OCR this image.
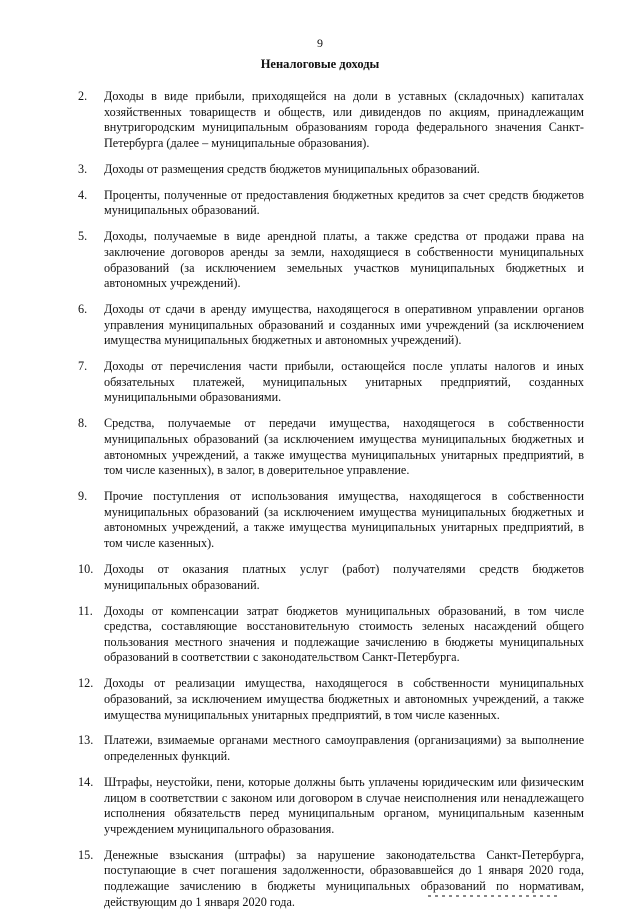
9
Неналоговые доходы
2.	Доходы в виде прибыли, приходящейся на доли в уставных (складочных) капиталах хозяйственных товариществ и обществ, или дивидендов по акциям, принадлежащим внутригородским муниципальным образованиям города федерального значения Санкт-Петербурга (далее – муниципальные образования).
3.	Доходы от размещения средств бюджетов муниципальных образований.
4.	Проценты, полученные от предоставления бюджетных кредитов за счет средств бюджетов муниципальных образований.
5.	Доходы, получаемые в виде арендной платы, а также средства от продажи права на заключение договоров аренды за земли, находящиеся в собственности муниципальных образований (за исключением земельных участков муниципальных бюджетных и автономных учреждений).
6.	Доходы от сдачи в аренду имущества, находящегося в оперативном управлении органов управления муниципальных образований и созданных ими учреждений (за исключением имущества муниципальных бюджетных и автономных учреждений).
7.	Доходы от перечисления части прибыли, остающейся после уплаты налогов и иных обязательных платежей, муниципальных унитарных предприятий, созданных муниципальными образованиями.
8.	Средства, получаемые от передачи имущества, находящегося в собственности муниципальных образований (за исключением имущества муниципальных бюджетных и автономных учреждений, а также имущества муниципальных унитарных предприятий, в том числе казенных), в залог, в доверительное управление.
9.	Прочие поступления от использования имущества, находящегося в собственности муниципальных образований (за исключением имущества муниципальных бюджетных и автономных учреждений, а также имущества муниципальных унитарных предприятий, в том числе казенных).
10. Доходы от оказания платных услуг (работ) получателями средств бюджетов муниципальных образований.
11. Доходы от компенсации затрат бюджетов муниципальных образований, в том числе средства, составляющие восстановительную стоимость зеленых насаждений общего пользования местного значения и подлежащие зачислению в бюджеты муниципальных образований в соответствии с законодательством Санкт-Петербурга.
12. Доходы от реализации имущества, находящегося в собственности муниципальных образований, за исключением имущества бюджетных и автономных учреждений, а также имущества муниципальных унитарных предприятий, в том числе казенных.
13. Платежи, взимаемые органами местного самоуправления (организациями) за выполнение определенных функций.
14. Штрафы, неустойки, пени, которые должны быть уплачены юридическим или физическим лицом в соответствии с законом или договором в случае неисполнения или ненадлежащего исполнения обязательств перед муниципальным органом, муниципальным казенным учреждением муниципального образования.
15. Денежные взыскания (штрафы) за нарушение законодательства Санкт-Петербурга, поступающие в счет погашения задолженности, образовавшейся до 1 января 2020 года, подлежащие зачислению в бюджеты муниципальных образований по нормативам, действующим до 1 января 2020 года.
